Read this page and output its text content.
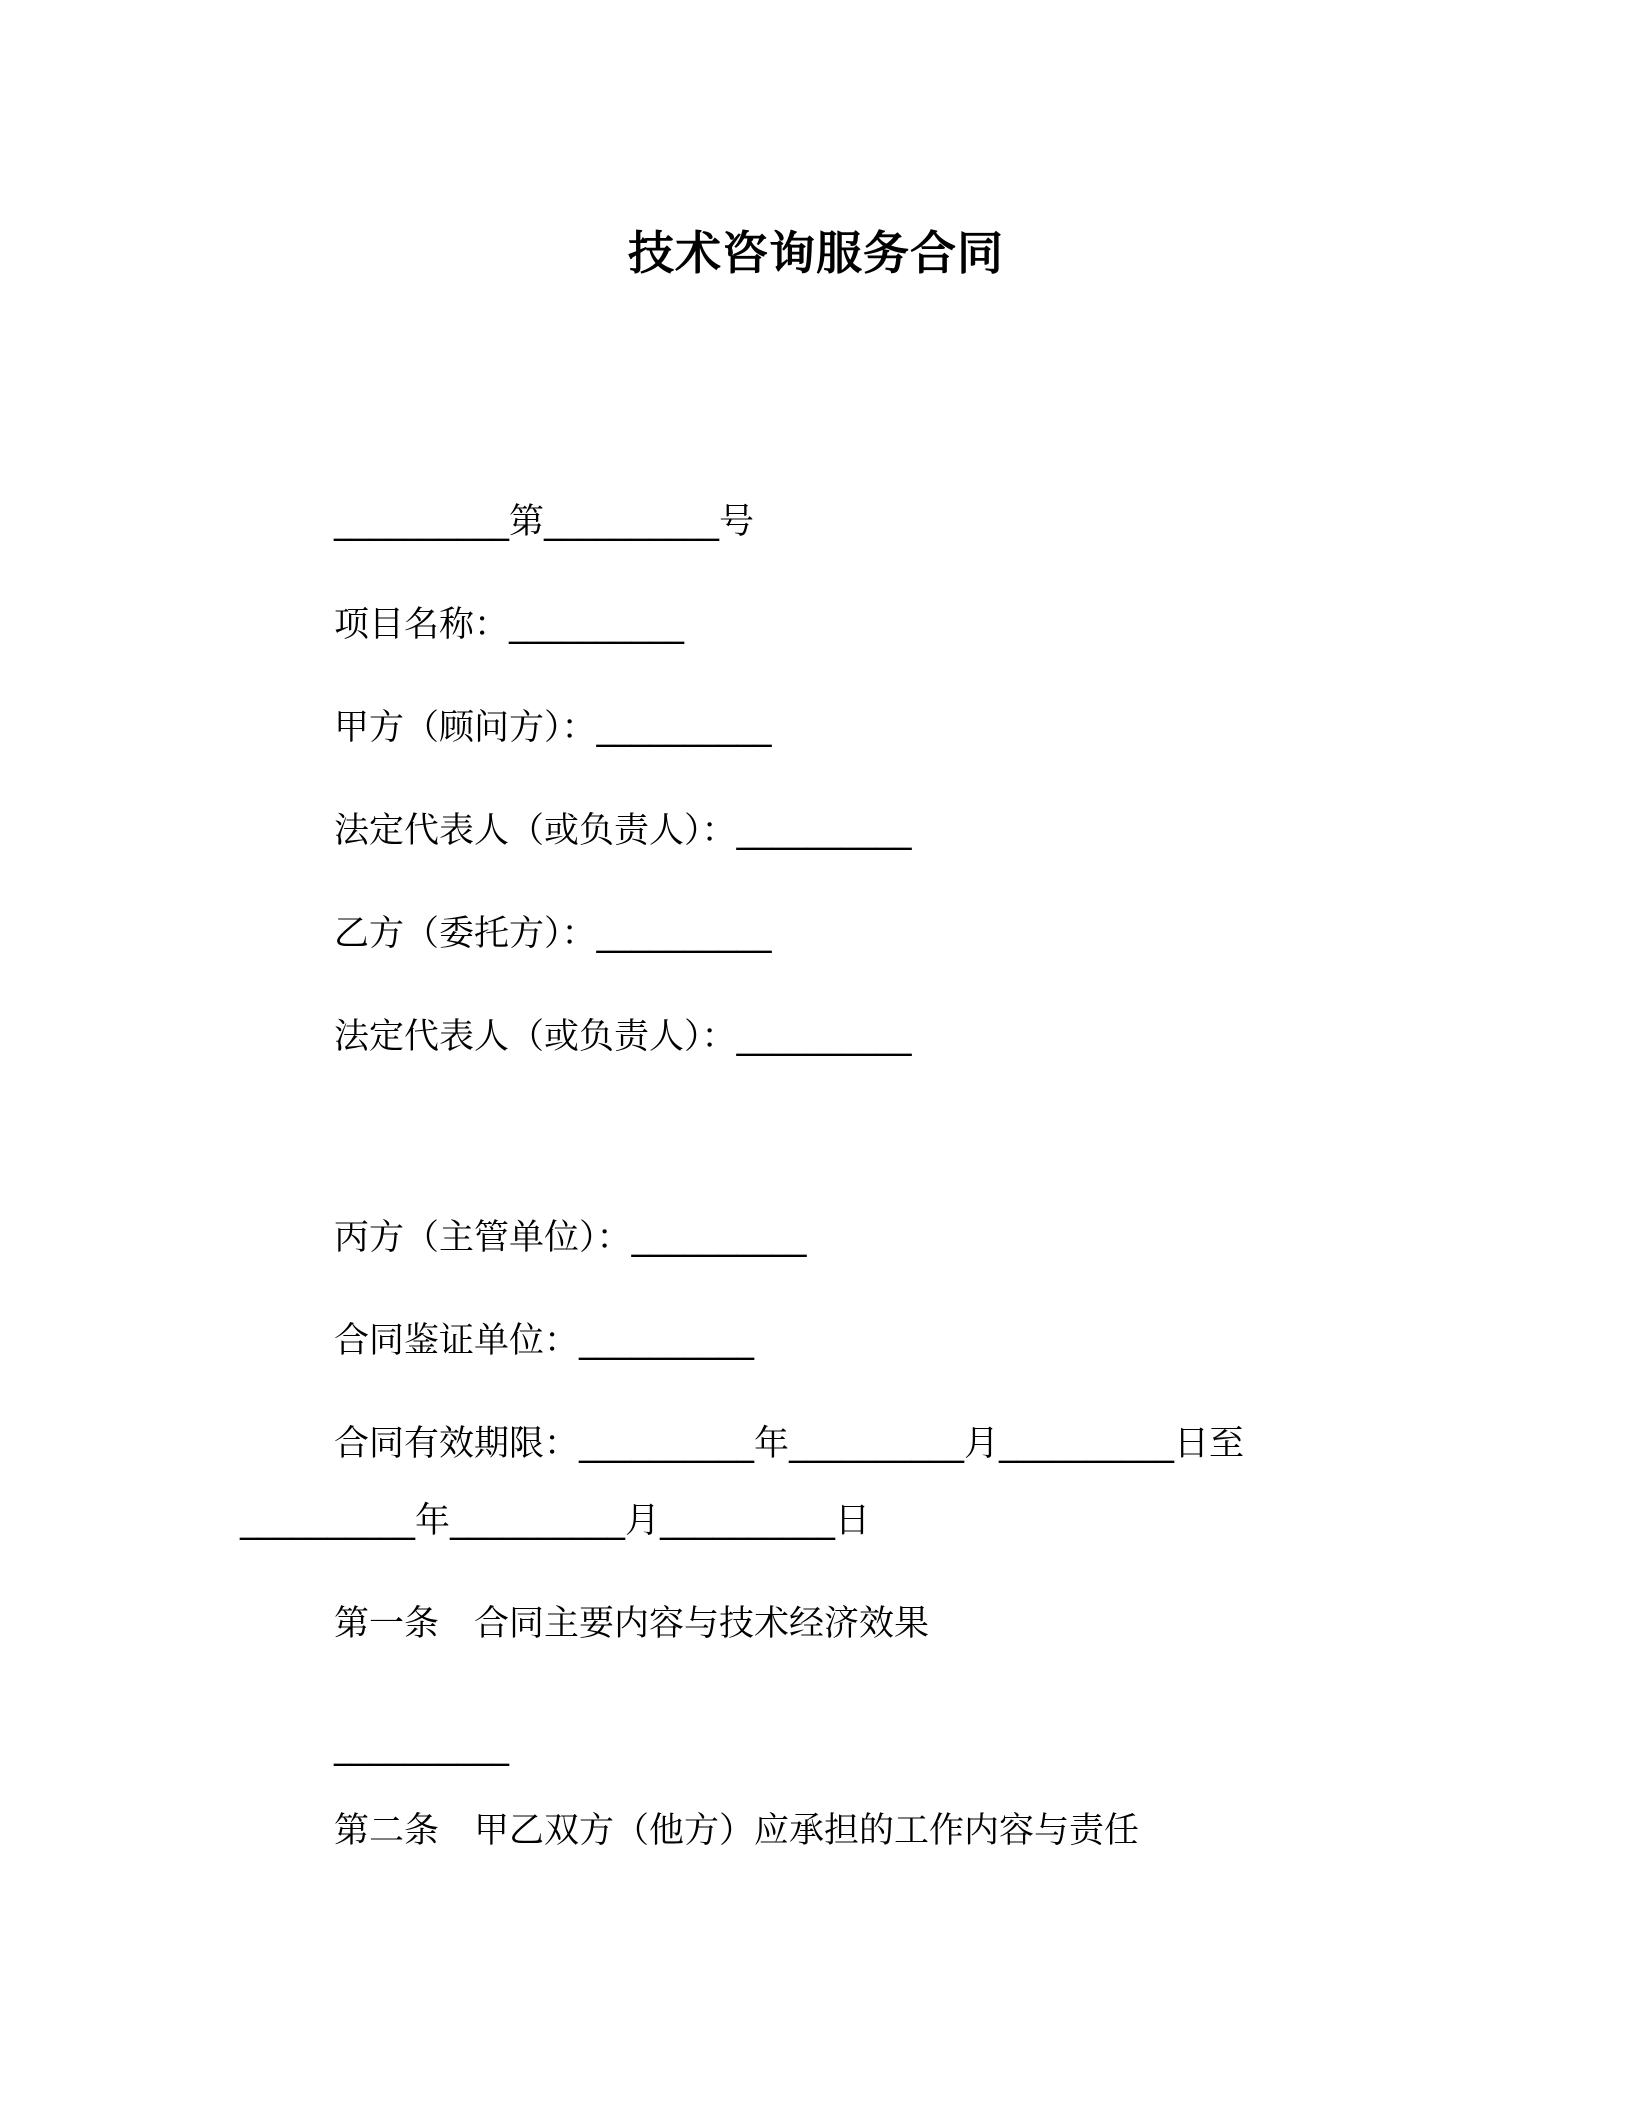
技术咨询服务合同
__________第__________号
项目名称：__________
甲方（顾问方）：__________
法定代表人（或负责人）：__________
乙方（委托方）：__________
法定代表人（或负责人）：__________
丙方（主管单位）：__________
合同鉴证单位：__________
合同有效期限：__________年__________月__________日至
__________年__________月__________日
第一条　合同主要内容与技术经济效果
__________
第二条　甲乙双方（他方）应承担的工作内容与责任
